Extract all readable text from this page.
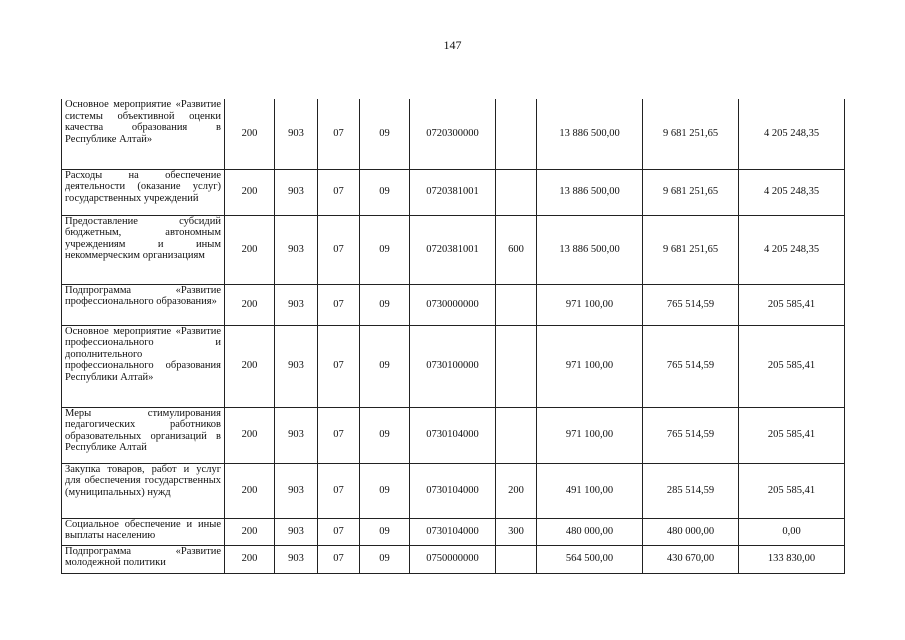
147
Основное мероприятие «Развитие системы объективной оценки качества образования в Республике Алтай»	200	903	07	09	0720300000		13 886 500,00	9 681 251,65	4 205 248,35
Расходы на обеспечение деятельности (оказание услуг) государственных учреждений	200	903	07	09	0720381001		13 886 500,00	9 681 251,65	4 205 248,35
Предоставление субсидий бюджетным, автономным учреждениям и иным некоммерческим организациям	200	903	07	09	0720381001	600	13 886 500,00	9 681 251,65	4 205 248,35
Подпрограмма «Развитие профессионального образования»	200	903	07	09	0730000000		971 100,00	765 514,59	205 585,41
Основное мероприятие «Развитие профессионального и дополнительного профессионального образования Республики Алтай»	200	903	07	09	0730100000		971 100,00	765 514,59	205 585,41
Меры стимулирования педагогических работников образовательных организаций в Республике Алтай	200	903	07	09	0730104000		971 100,00	765 514,59	205 585,41
Закупка товаров, работ и услуг для обеспечения государственных (муниципальных) нужд	200	903	07	09	0730104000	200	491 100,00	285 514,59	205 585,41
Социальное обеспечение и иные выплаты населению	200	903	07	09	0730104000	300	480 000,00	480 000,00	0,00
Подпрограмма «Развитие молодежной политики	200	903	07	09	0750000000		564 500,00	430 670,00	133 830,00
